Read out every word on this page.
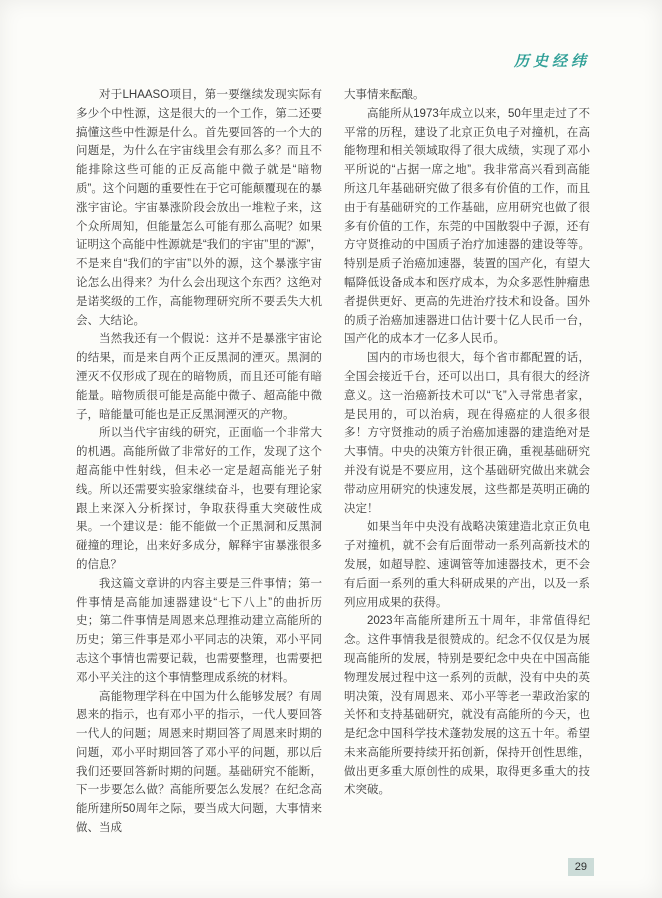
历史经纬

对于LHAASO项目，第一要继续发现实际有多少个中性源，这是很大的一个工作，第二还要搞懂这些中性源是什么。首先要回答的一个大的问题是，为什么在宇宙线里会有那么多？而且不能排除这些可能的正反高能中微子就是“暗物质”。这个问题的重要性在于它可能颠覆现在的暴涨宇宙论。宇宙暴涨阶段会放出一堆粒子来，这个众所周知，但能量怎么可能有那么高呢？如果证明这个高能中性源就是“我们的宇宙”里的“源”，不是来自“我们的宇宙”以外的源，这个暴涨宇宙论怎么出得来？为什么会出现这个东西？这绝对是诺奖级的工作，高能物理研究所不要丢失大机会、大结论。

当然我还有一个假说：这并不是暴涨宇宙论的结果，而是来自两个正反黑洞的湮灭。黑洞的湮灭不仅形成了现在的暗物质，而且还可能有暗能量。暗物质很可能是高能中微子、超高能中微子，暗能量可能也是正反黑洞湮灭的产物。

所以当代宇宙线的研究，正面临一个非常大的机遇。高能所做了非常好的工作，发现了这个超高能中性射线，但未必一定是超高能光子射线。所以还需要实验家继续奋斗，也要有理论家跟上来深入分析探讨，争取获得重大突破性成果。一个建议是：能不能做一个正黑洞和反黑洞碰撞的理论，出来好多成分，解释宇宙暴涨很多的信息？

我这篇文章讲的内容主要是三件事情；第一件事情是高能加速器建设“七下八上”的曲折历史；第二件事情是周恩来总理推动建立高能所的历史；第三件事是邓小平同志的决策，邓小平同志这个事情也需要记载，也需要整理，也需要把邓小平关注的这个事情整理成系统的材料。

高能物理学科在中国为什么能够发展？有周恩来的指示，也有邓小平的指示，一代人要回答一代人的问题；周恩来时期回答了周恩来时期的问题，邓小平时期回答了邓小平的问题，那以后我们还要回答新时期的问题。基础研究不能断，下一步要怎么做？高能所要怎么发展？在纪念高能所建所50周年之际，要当成大问题，大事情来做、当成

大事情来酝酿。

高能所从1973年成立以来，50年里走过了不平常的历程，建设了北京正负电子对撞机，在高能物理和相关领域取得了很大成绩，实现了邓小平所说的“占据一席之地”。我非常高兴看到高能所这几年基础研究做了很多有价值的工作，而且由于有基础研究的工作基础，应用研究也做了很多有价值的工作，东莞的中国散裂中子源，还有方守贤推动的中国质子治疗加速器的建设等等。特别是质子治癌加速器，装置的国产化，有望大幅降低设备成本和医疗成本，为众多恶性肿瘤患者提供更好、更高的先进治疗技术和设备。国外的质子治癌加速器进口估计要十亿人民币一台，国产化的成本才一亿多人民币。

国内的市场也很大，每个省市都配置的话，全国会接近千台，还可以出口，具有很大的经济意义。这一治癌新技术可以“飞”入寻常患者家，是民用的，可以治病，现在得癌症的人很多很多！方守贤推动的质子治癌加速器的建造绝对是大事情。中央的决策方针很正确，重视基础研究并没有说是不要应用，这个基础研究做出来就会带动应用研究的快速发展，这些都是英明正确的决定！

如果当年中央没有战略决策建造北京正负电子对撞机，就不会有后面带动一系列高新技术的发展，如超导腔、速调管等加速器技术，更不会有后面一系列的重大科研成果的产出，以及一系列应用成果的获得。

2023年高能所建所五十周年，非常值得纪念。这件事情我是很赞成的。纪念不仅仅是为展现高能所的发展，特别是要纪念中央在中国高能物理发展过程中这一系列的贡献，没有中央的英明决策，没有周恩来、邓小平等老一辈政治家的关怀和支持基础研究，就没有高能所的今天，也是纪念中国科学技术蓬勃发展的这五十年。希望未来高能所要持续开拓创新，保持开创性思维，做出更多重大原创性的成果，取得更多重大的技术突破。

29
